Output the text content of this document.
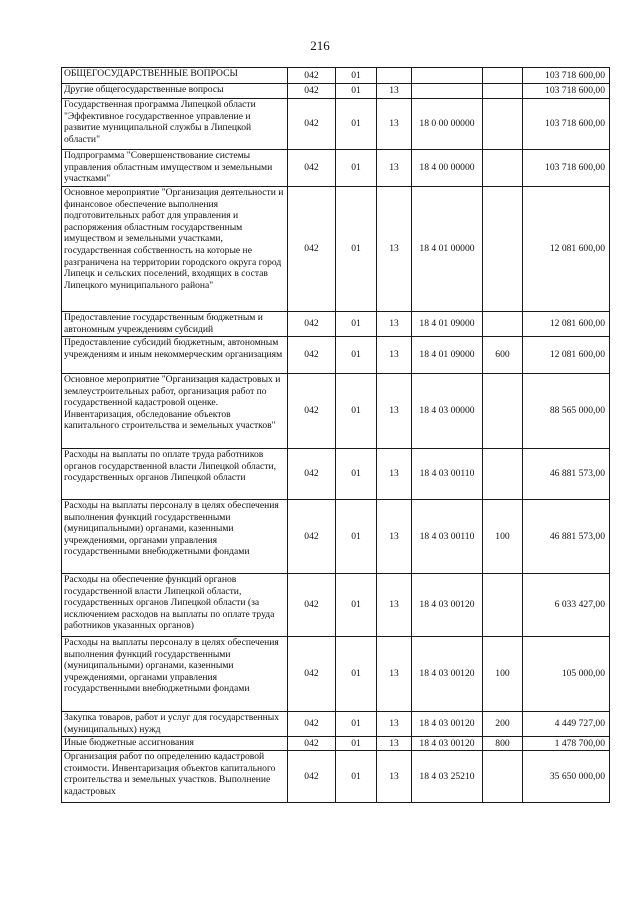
216
ОБЩЕГОСУДАРСТВЕННЫЕ ВОПРОСЫ	042	01				103 718 600,00
Другие общегосударственные вопросы	042	01	13			103 718 600,00
Государственная программа Липецкой области "Эффективное государственное управление и развитие муниципальной службы в Липецкой области"	042	01	13	18 0 00 00000		103 718 600,00
Подпрограмма "Совершенствование системы управления областным имуществом и земельными участками"	042	01	13	18 4 00 00000		103 718 600,00
Основное мероприятие "Организация деятельности и финансовое обеспечение выполнения подготовительных работ для управления и распоряжения областным государственным имуществом и земельными участками, государственная собственность на которые не разграничена на территории городского округа город Липецк и сельских поселений, входящих в состав Липецкого муниципального района"	042	01	13	18 4 01 00000		12 081 600,00
Предоставление государственным бюджетным и автономным учреждениям субсидий	042	01	13	18 4 01 09000		12 081 600,00
Предоставление субсидий бюджетным, автономным учреждениям и иным некоммерческим организациям	042	01	13	18 4 01 09000	600	12 081 600,00
Основное мероприятие "Организация кадастровых и землеустроительных работ, организация работ по государственной кадастровой оценке. Инвентаризация, обследование объектов капитального строительства и земельных участков"	042	01	13	18 4 03 00000		88 565 000,00
Расходы на выплаты по оплате труда работников органов государственной власти Липецкой области, государственных органов Липецкой области	042	01	13	18 4 03 00110		46 881 573,00
Расходы на выплаты персоналу в целях обеспечения выполнения функций государственными (муниципальными) органами, казенными учреждениями, органами управления государственными внебюджетными фондами	042	01	13	18 4 03 00110	100	46 881 573,00
Расходы на обеспечение функций органов государственной власти Липецкой области, государственных органов Липецкой области (за исключением расходов на выплаты по оплате труда работников указанных органов)	042	01	13	18 4 03 00120		6 033 427,00
Расходы на выплаты персоналу в целях обеспечения выполнения функций государственными (муниципальными) органами, казенными учреждениями, органами управления государственными внебюджетными фондами	042	01	13	18 4 03 00120	100	105 000,00
Закупка товаров, работ и услуг для государственных (муниципальных) нужд	042	01	13	18 4 03 00120	200	4 449 727,00
Иные бюджетные ассигнования	042	01	13	18 4 03 00120	800	1 478 700,00
Организация работ по определению кадастровой стоимости. Инвентаризация объектов капитального строительства и земельных участков. Выполнение кадастровых	042	01	13	18 4 03 25210		35 650 000,00
